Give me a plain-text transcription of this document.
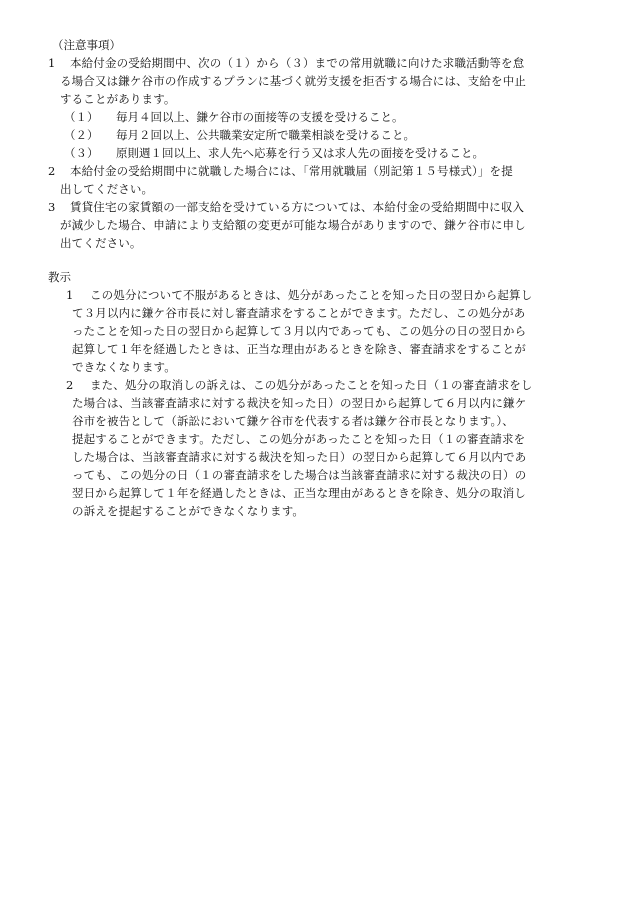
（注意事項）
1	本給付金の受給期間中、次の（１）から（３）までの常用就職に向けた求職活動等を怠
る場合又は鎌ケ谷市の作成するプランに基づく就労支援を拒否する場合には、支給を中止
することがあります。
（１） 毎月４回以上、鎌ケ谷市の面接等の支援を受けること。
（２） 毎月２回以上、公共職業安定所で職業相談を受けること。
（３） 原則週１回以上、求人先へ応募を行う又は求人先の面接を受けること。
2	本給付金の受給期間中に就職した場合には、「常用就職届（別記第１５号様式）」を提
出してください。
3	賃貸住宅の家賃額の一部支給を受けている方については、本給付金の受給期間中に収入
が減少した場合、申請により支給額の変更が可能な場合がありますので、鎌ケ谷市に申し
出てください。
教示
1	この処分について不服があるときは、処分があったことを知った日の翌日から起算し
て３月以内に鎌ケ谷市長に対し審査請求をすることができます。ただし、この処分があ
ったことを知った日の翌日から起算して３月以内であっても、この処分の日の翌日から
起算して１年を経過したときは、正当な理由があるときを除き、審査請求をすることが
できなくなります。
2	また、処分の取消しの訴えは、この処分があったことを知った日（１の審査請求をし
た場合は、当該審査請求に対する裁決を知った日）の翌日から起算して６月以内に鎌ケ
谷市を被告として（訴訟において鎌ケ谷市を代表する者は鎌ケ谷市長となります。）、
提起することができます。ただし、この処分があったことを知った日（１の審査請求を
した場合は、当該審査請求に対する裁決を知った日）の翌日から起算して６月以内であ
っても、この処分の日（１の審査請求をした場合は当該審査請求に対する裁決の日）の
翌日から起算して１年を経過したときは、正当な理由があるときを除き、処分の取消し
の訴えを提起することができなくなります。
